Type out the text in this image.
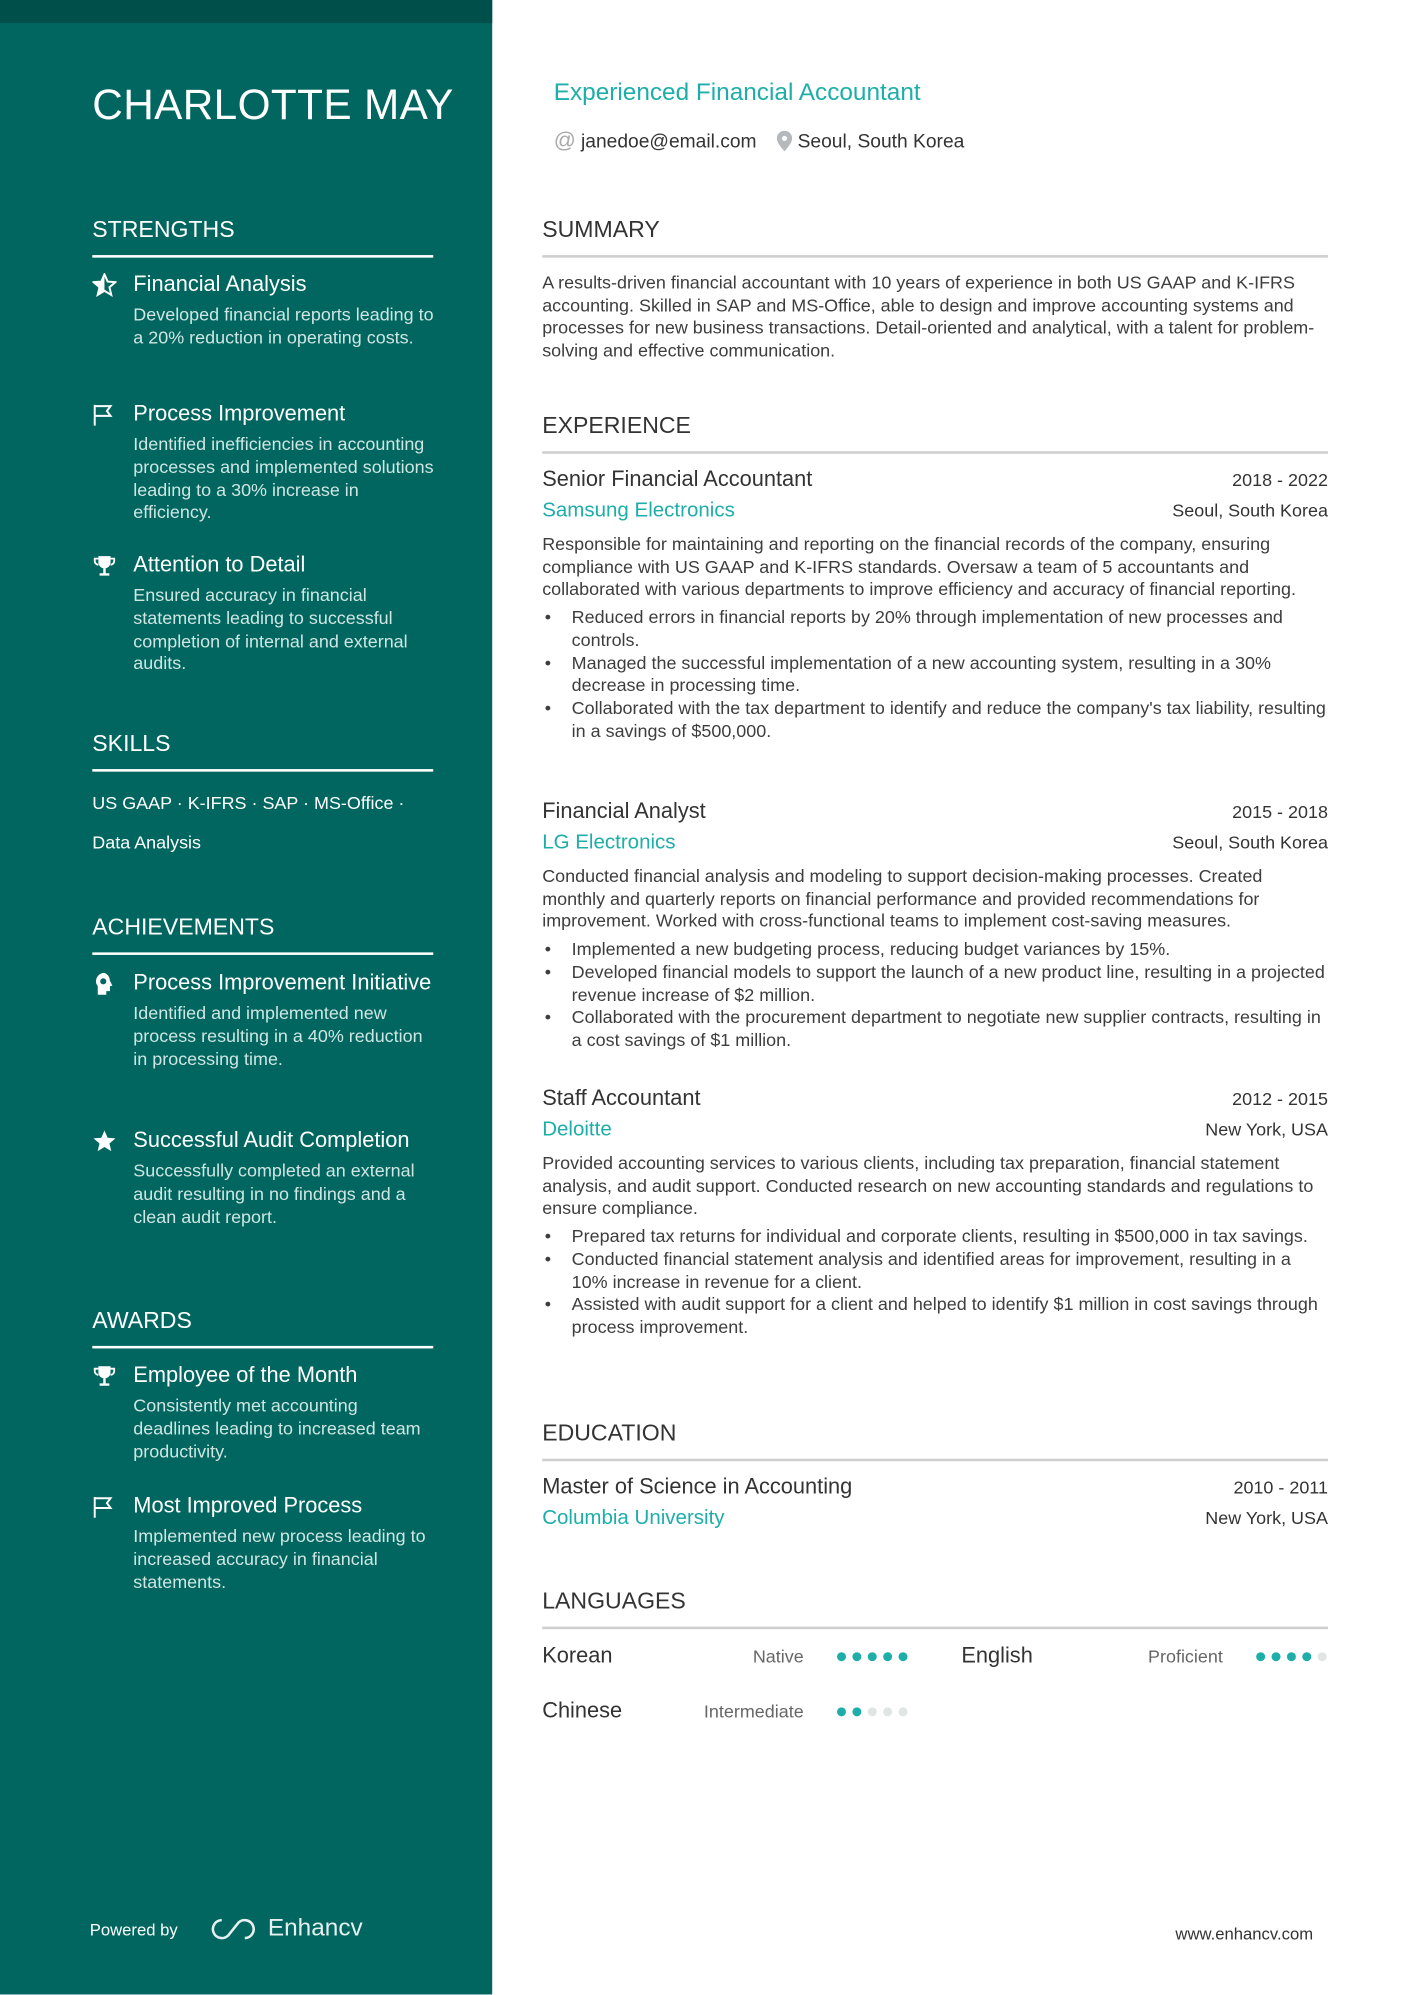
CHARLOTTE MAY
STRENGTHS
Financial Analysis
Developed financial reports leading to a 20% reduction in operating costs.
Process Improvement
Identified inefficiencies in accounting processes and implemented solutions leading to a 30% increase in efficiency.
Attention to Detail
Ensured accuracy in financial statements leading to successful completion of internal and external audits.
SKILLS
US GAAP · K-IFRS · SAP · MS-Office · Data Analysis
ACHIEVEMENTS
Process Improvement Initiative
Identified and implemented new process resulting in a 40% reduction in processing time.
Successful Audit Completion
Successfully completed an external audit resulting in no findings and a clean audit report.
AWARDS
Employee of the Month
Consistently met accounting deadlines leading to increased team productivity.
Most Improved Process
Implemented new process leading to increased accuracy in financial statements.
Powered by	Enhancv
Experienced Financial Accountant
@ janedoe@email.com	Seoul, South Korea
SUMMARY
A results-driven financial accountant with 10 years of experience in both US GAAP and K-IFRS accounting. Skilled in SAP and MS-Office, able to design and improve accounting systems and processes for new business transactions. Detail-oriented and analytical, with a talent for problem-solving and effective communication.
EXPERIENCE
Senior Financial Accountant	2018 - 2022
Samsung Electronics	Seoul, South Korea
Responsible for maintaining and reporting on the financial records of the company, ensuring compliance with US GAAP and K-IFRS standards. Oversaw a team of 5 accountants and collaborated with various departments to improve efficiency and accuracy of financial reporting.
• Reduced errors in financial reports by 20% through implementation of new processes and controls.
• Managed the successful implementation of a new accounting system, resulting in a 30% decrease in processing time.
• Collaborated with the tax department to identify and reduce the company's tax liability, resulting in a savings of $500,000.
Financial Analyst	2015 - 2018
LG Electronics	Seoul, South Korea
Conducted financial analysis and modeling to support decision-making processes. Created monthly and quarterly reports on financial performance and provided recommendations for improvement. Worked with cross-functional teams to implement cost-saving measures.
• Implemented a new budgeting process, reducing budget variances by 15%.
• Developed financial models to support the launch of a new product line, resulting in a projected revenue increase of $2 million.
• Collaborated with the procurement department to negotiate new supplier contracts, resulting in a cost savings of $1 million.
Staff Accountant	2012 - 2015
Deloitte	New York, USA
Provided accounting services to various clients, including tax preparation, financial statement analysis, and audit support. Conducted research on new accounting standards and regulations to ensure compliance.
• Prepared tax returns for individual and corporate clients, resulting in $500,000 in tax savings.
• Conducted financial statement analysis and identified areas for improvement, resulting in a 10% increase in revenue for a client.
• Assisted with audit support for a client and helped to identify $1 million in cost savings through process improvement.
EDUCATION
Master of Science in Accounting	2010 - 2011
Columbia University	New York, USA
LANGUAGES
Korean	Native	English	Proficient
Chinese	Intermediate
www.enhancv.com
